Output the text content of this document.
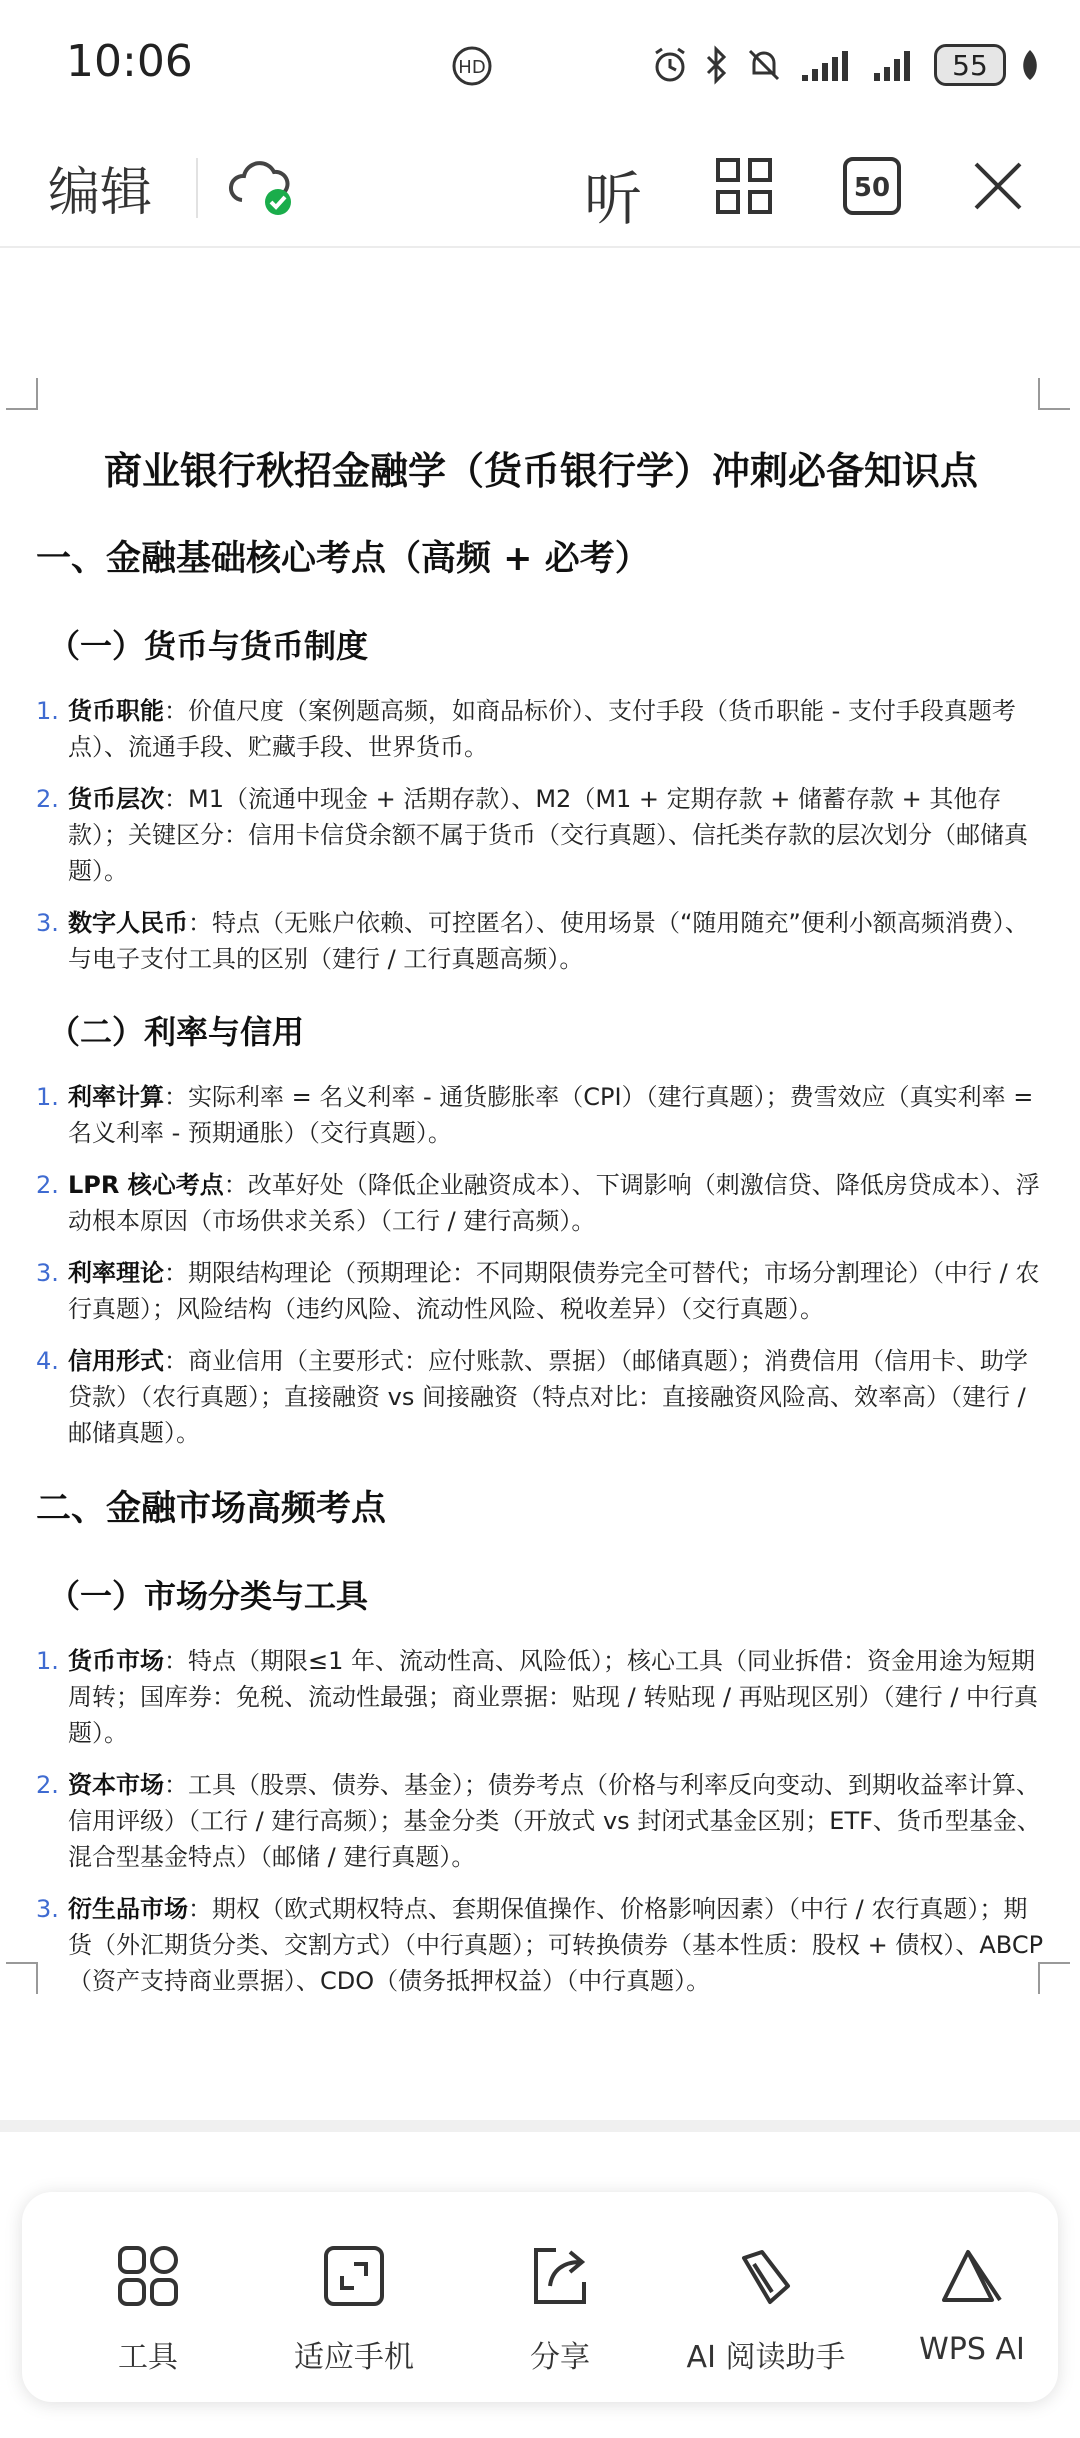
10:06	HD	55
编辑	听	50
商业银行秋招金融学（货币银行学）冲刺必备知识点
一、金融基础核心考点（高频 + 必考）
（一）货币与货币制度
1. 货币职能：价值尺度（案例题高频，如商品标价）、支付手段（货币职能 - 支付手段真题考点）、流通手段、贮藏手段、世界货币。
2. 货币层次：M1（流通中现金 + 活期存款）、M2（M1 + 定期存款 + 储蓄存款 + 其他存款）；关键区分：信用卡信贷余额不属于货币（交行真题）、信托类存款的层次划分（邮储真题）。
3. 数字人民币：特点（无账户依赖、可控匿名）、使用场景（“随用随充”便利小额高频消费）、与电子支付工具的区别（建行 / 工行真题高频）。
（二）利率与信用
1. 利率计算：实际利率 = 名义利率 - 通货膨胀率（CPI）（建行真题）；费雪效应（真实利率 = 名义利率 - 预期通胀）（交行真题）。
2. LPR 核心考点：改革好处（降低企业融资成本）、下调影响（刺激信贷、降低房贷成本）、浮动根本原因（市场供求关系）（工行 / 建行高频）。
3. 利率理论：期限结构理论（预期理论：不同期限债券完全可替代；市场分割理论）（中行 / 农行真题）；风险结构（违约风险、流动性风险、税收差异）（交行真题）。
4. 信用形式：商业信用（主要形式：应付账款、票据）（邮储真题）；消费信用（信用卡、助学贷款）（农行真题）；直接融资 vs 间接融资（特点对比：直接融资风险高、效率高）（建行 / 邮储真题）。
二、金融市场高频考点
（一）市场分类与工具
1. 货币市场：特点（期限≤1 年、流动性高、风险低）；核心工具（同业拆借：资金用途为短期周转；国库券：免税、流动性最强；商业票据：贴现 / 转贴现 / 再贴现区别）（建行 / 中行真题）。
2. 资本市场：工具（股票、债券、基金）；债券考点（价格与利率反向变动、到期收益率计算、信用评级）（工行 / 建行高频）；基金分类（开放式 vs 封闭式基金区别；ETF、货币型基金、混合型基金特点）（邮储 / 建行真题）。
3. 衍生品市场：期权（欧式期权特点、套期保值操作、价格影响因素）（中行 / 农行真题）；期货（外汇期货分类、交割方式）（中行真题）；可转换债券（基本性质：股权 + 债权）、ABCP（资产支持商业票据）、CDO（债务抵押权益）（中行真题）。
工具	适应手机	分享	AI 阅读助手	WPS AI
